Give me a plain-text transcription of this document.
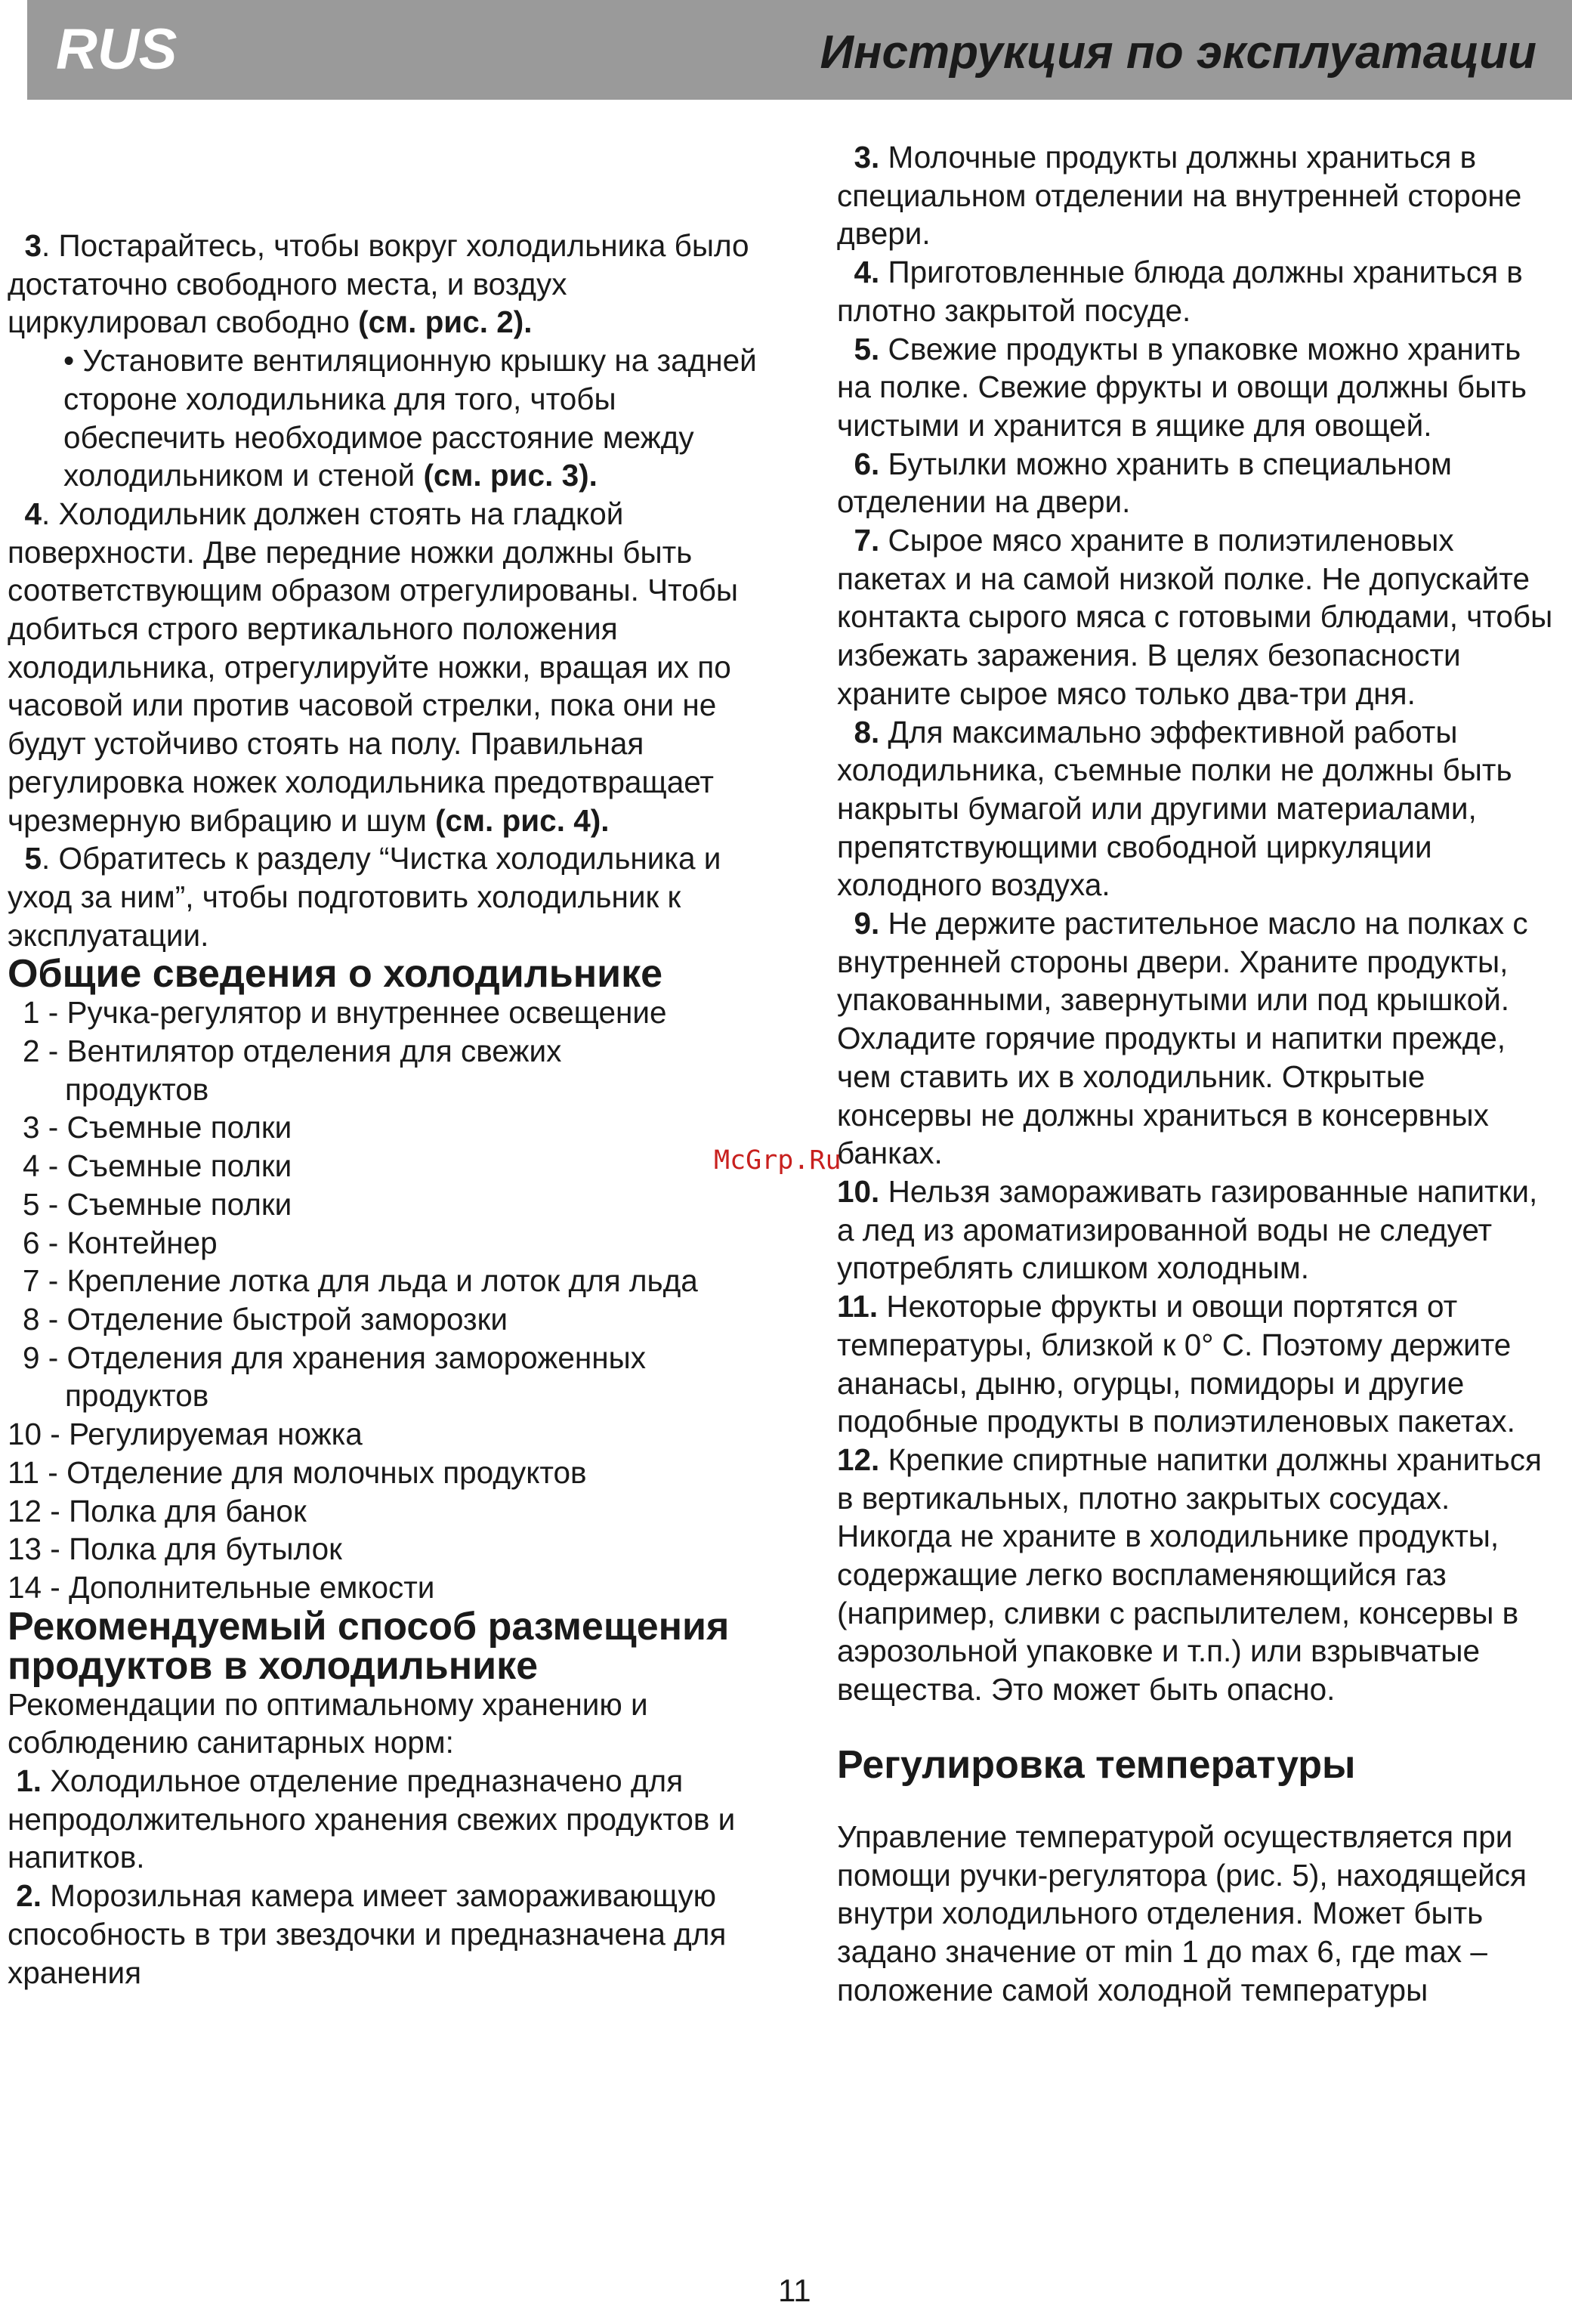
RUS	Инструкция по эксплуатации

3. Постарайтесь, чтобы вокруг холодильника было достаточно свободного места, и воздух циркулировал свободно (см. рис. 2).

• Установите вентиляционную крышку на задней стороне холодильника для того, чтобы обеспечить необходимое расстояние между холодильником и стеной (см. рис. 3).

4. Холодильник должен стоять на гладкой поверхности. Две передние ножки должны быть соответствующим образом отрегулированы. Чтобы добиться строго вертикального положения холодильника, отрегулируйте ножки, вращая их по часовой или против часовой стрелки, пока они не будут устойчиво стоять на полу. Правильная регулировка ножек холодильника предотвращает чрезмерную вибрацию и шум (см. рис. 4).

5. Обратитесь к разделу “Чистка холодильника и уход за ним”, чтобы подготовить холодильник к эксплуатации.

Общие сведения о холодильнике

1 - Ручка-регулятор и внутреннее освещение

2 - Вентилятор отделения для свежих
продуктов

3 - Съемные полки

4 - Съемные полки

5 - Съемные полки

6 - Контейнер

7 - Крепление лотка для льда и лоток для льда

8 - Отделение быстрой заморозки

9 - Отделения для хранения замороженных
продуктов

10 - Регулируемая ножка

11 - Отделение для молочных продуктов

12 - Полка для банок

13 - Полка для бутылок

14 - Дополнительные емкости

Рекомендуемый способ размещения продуктов в холодильнике

Рекомендации по оптимальному хранению и соблюдению санитарных норм:

1. Холодильное отделение предназначено для непродолжительного хранения свежих продуктов и напитков.

2. Морозильная камера имеет замораживающую способность в три звездочки и предназначена для хранения

3. Молочные продукты должны храниться в специальном отделении на внутренней стороне двери.

4. Приготовленные блюда должны храниться в плотно закрытой посуде.

5. Свежие продукты в упаковке можно хранить на полке. Свежие фрукты и овощи должны быть чистыми и хранится в ящике для овощей.

6. Бутылки можно хранить в специальном отделении на двери.

7. Сырое мясо храните в полиэтиленовых пакетах и на самой низкой полке. Не допускайте контакта сырого мяса с готовыми блюдами, чтобы избежать заражения. В целях безопасности храните сырое мясо только два-три дня.

8. Для максимально эффективной работы холодильника, съемные полки не должны быть накрыты бумагой или другими материалами, препятствующими свободной циркуляции холодного воздуха.

9. Не держите растительное масло на полках с внутренней стороны двери. Храните продукты, упакованными, завернутыми или под крышкой. Охладите горячие продукты и напитки прежде, чем ставить их в холодильник. Открытые консервы не должны храниться в консервных банках.

10. Нельзя замораживать газированные напитки, а лед из ароматизированной воды не следует употреблять слишком холодным.

11. Некоторые фрукты и овощи портятся от температуры, близкой к 0° С. Поэтому держите ананасы, дыню, огурцы, помидоры и другие подобные продукты в полиэтиленовых пакетах.

12. Крепкие спиртные напитки должны храниться в вертикальных, плотно закрытых сосудах. Никогда не храните в холодильнике продукты, содержащие легко воспламеняющийся газ (например, сливки с распылителем, консервы в аэрозольной упаковке и т.п.) или взрывчатые вещества. Это может быть опасно.

Регулировка температуры

Управление температурой осуществляется при помощи ручки-регулятора (рис. 5), находящейся внутри холодильного отделения. Может быть задано значение от min 1 до max 6, где max – положение самой холодной температуры

McGrp.Ru
11
